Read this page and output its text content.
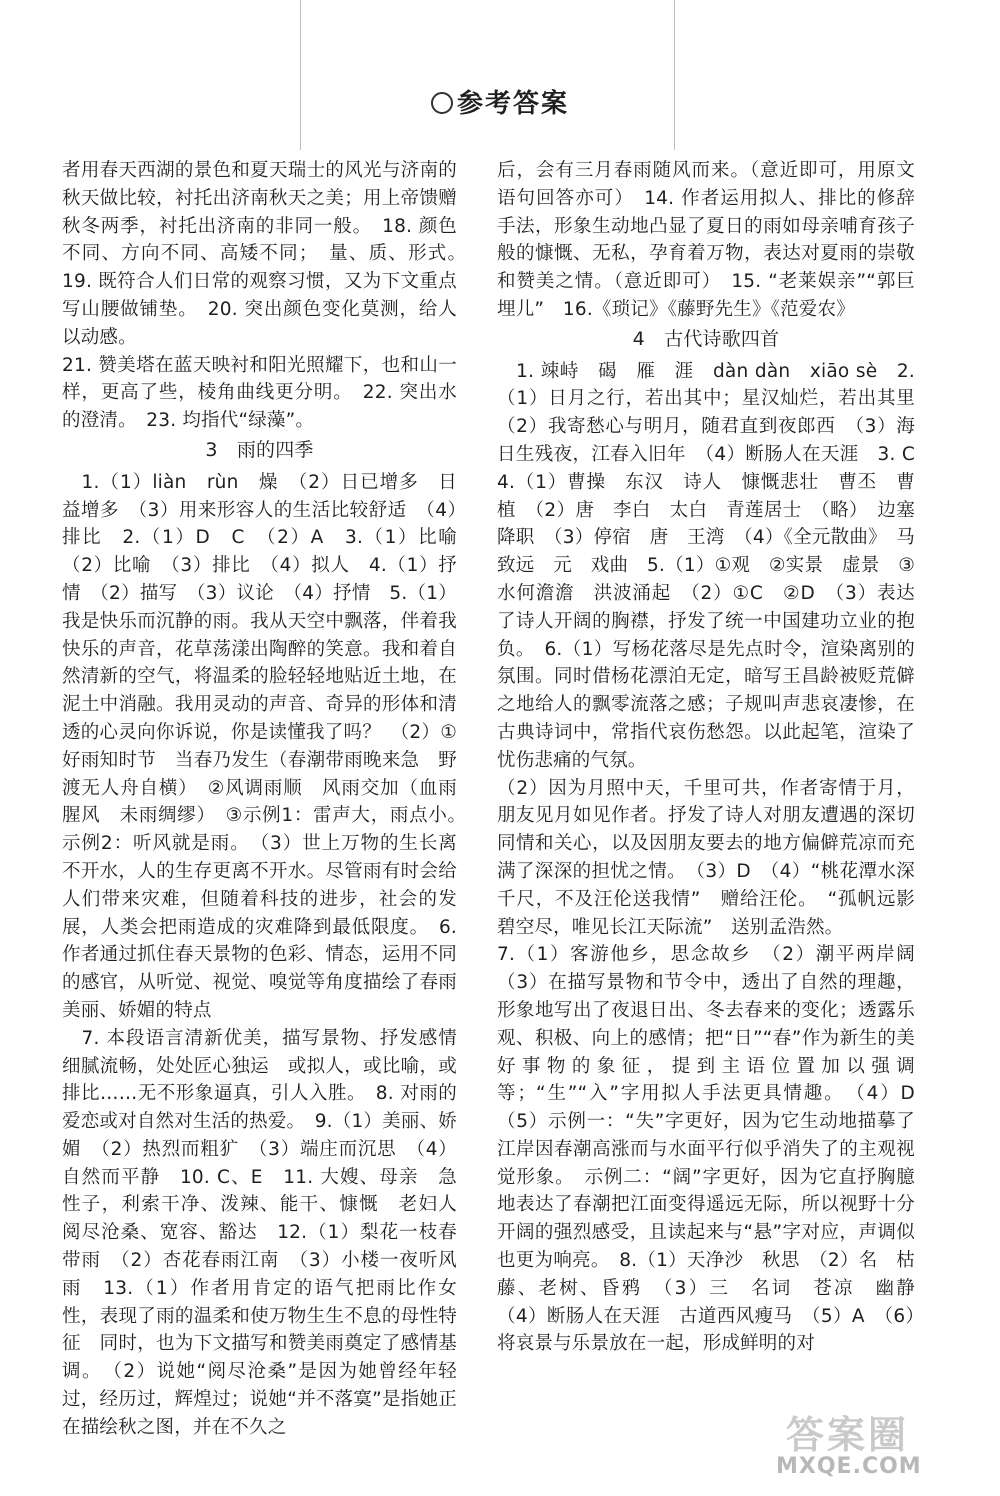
参考答案

者用春天西湖的景色和夏天瑞士的风光与济南的秋天做比较，衬托出济南秋天之美；用上帝馈赠秋冬两季，衬托出济南的非同一般。　18. 颜色不同、方向不同、高矮不同；　量、质、形式。　19. 既符合人们日常的观察习惯，又为下文重点写山腰做铺垫。　20. 突出颜色变化莫测，给人以动感。

21. 赞美塔在蓝天映衬和阳光照耀下，也和山一样，更高了些，棱角曲线更分明。　22. 突出水的澄清。　23. 均指代“绿藻”。

3　雨的四季

　1.（1）liàn　rùn　燥　（2）日已增多　日益增多　（3）用来形容人的生活比较舒适　（4）排比　2.（1）D　C　（2）A　3.（1）比喻　（2）比喻　（3）排比　（4）拟人　4.（1）抒情　（2）描写　（3）议论　（4）抒情　5.（1）我是快乐而沉静的雨。我从天空中飘落，伴着我快乐的声音，花草荡漾出陶醉的笑意。我和着自然清新的空气，将温柔的脸轻轻地贴近土地，在泥土中消融。我用灵动的声音、奇异的形体和清透的心灵向你诉说，你是读懂我了吗？　（2）①好雨知时节　当春乃发生（春潮带雨晚来急　野渡无人舟自横）　②风调雨顺　风雨交加（血雨腥风　未雨绸缪）　③示例1：雷声大，雨点小。　示例2：听风就是雨。　（3）世上万物的生长离不开水，人的生存更离不开水。尽管雨有时会给人们带来灾难，但随着科技的进步，社会的发展，人类会把雨造成的灾难降到最低限度。　6. 作者通过抓住春天景物的色彩、情态，运用不同的感官，从听觉、视觉、嗅觉等角度描绘了春雨美丽、娇媚的特点

　7. 本段语言清新优美，描写景物、抒发感情细腻流畅，处处匠心独运　或拟人，或比喻，或排比……无不形象逼真，引人入胜。　8. 对雨的爱恋或对自然对生活的热爱。　9.（1）美丽、娇媚　（2）热烈而粗犷　（3）端庄而沉思　（4）自然而平静　10. C、E　11. 大嫂、母亲　急性子，利索干净、泼辣、能干、慷慨　老妇人　阅尽沧桑、宽容、豁达　12.（1）梨花一枝春带雨　（2）杏花春雨江南　（3）小楼一夜听风雨　13.（1）作者用肯定的语气把雨比作女性，表现了雨的温柔和使万物生生不息的母性特征　同时，也为下文描写和赞美雨奠定了感情基调。　（2）说她“阅尽沧桑”是因为她曾经年轻过，经历过，辉煌过；说她“并不落寞”是指她正在描绘秋之图，并在不久之

后，会有三月春雨随风而来。（意近即可，用原文语句回答亦可）　14. 作者运用拟人、排比的修辞手法，形象生动地凸显了夏日的雨如母亲哺育孩子般的慷慨、无私，孕育着万物，表达对夏雨的崇敬和赞美之情。（意近即可）　15. “老莱娱亲”“郭巨埋儿”　16.《琐记》《藤野先生》《范爱农》

4　古代诗歌四首

　1. 竦峙　碣　雁　涯　dàn dàn　xiāo sè　2.（1）日月之行，若出其中；星汉灿烂，若出其里　（2）我寄愁心与明月，随君直到夜郎西　（3）海日生残夜，江春入旧年　（4）断肠人在天涯　3. C　4.（1）曹操　东汉　诗人　慷慨悲壮　曹丕　曹植　（2）唐　李白　太白　青莲居士　（略）　边塞　降职　（3）停宿　唐　王湾　（4）《全元散曲》　马致远　元　戏曲　5.（1）①观　②实景　虚景　③水何澹澹　洪波涌起　（2）①C　②D　（3）表达了诗人开阔的胸襟，抒发了统一中国建功立业的抱负。　6.（1）写杨花落尽是先点时令，渲染离别的氛围。同时借杨花漂泊无定，暗写王昌龄被贬荒僻之地给人的飘零流落之感；子规叫声悲哀凄惨，在古典诗词中，常指代哀伤愁怨。以此起笔，渲染了忧伤悲痛的气氛。

（2）因为月照中天，千里可共，作者寄情于月，朋友见月如见作者。抒发了诗人对朋友遭遇的深切同情和关心，以及因朋友要去的地方偏僻荒凉而充满了深深的担忧之情。　（3）D　（4）“桃花潭水深千尺，不及汪伦送我情”　赠给汪伦。　“孤帆远影碧空尽，唯见长江天际流”　送别孟浩然。

7.（1）客游他乡，思念故乡　（2）潮平两岸阔　（3）在描写景物和节令中，透出了自然的理趣，形象地写出了夜退日出、冬去春来的变化；透露乐观、积极、向上的感情；把“日”“春”作为新生的美好事物的象征，提到主语位置加以强调等；“生”“入”字用拟人手法更具情趣。　（4）D　（5）示例一：“失”字更好，因为它生动地描摹了江岸因春潮高涨而与水面平行似乎消失了的主观视觉形象。　示例二：“阔”字更好，因为它直抒胸臆地表达了春潮把江面变得遥远无际，所以视野十分开阔的强烈感受，且读起来与“悬”字对应，声调似也更为响亮。　8.（1）天净沙　秋思　（2）名　枯藤、老树、昏鸦　（3）三　名词　苍凉　幽静　（4）断肠人在天涯　古道西风瘦马　（5）A　（6）将哀景与乐景放在一起，形成鲜明的对

答案圈
MXQE.COM
